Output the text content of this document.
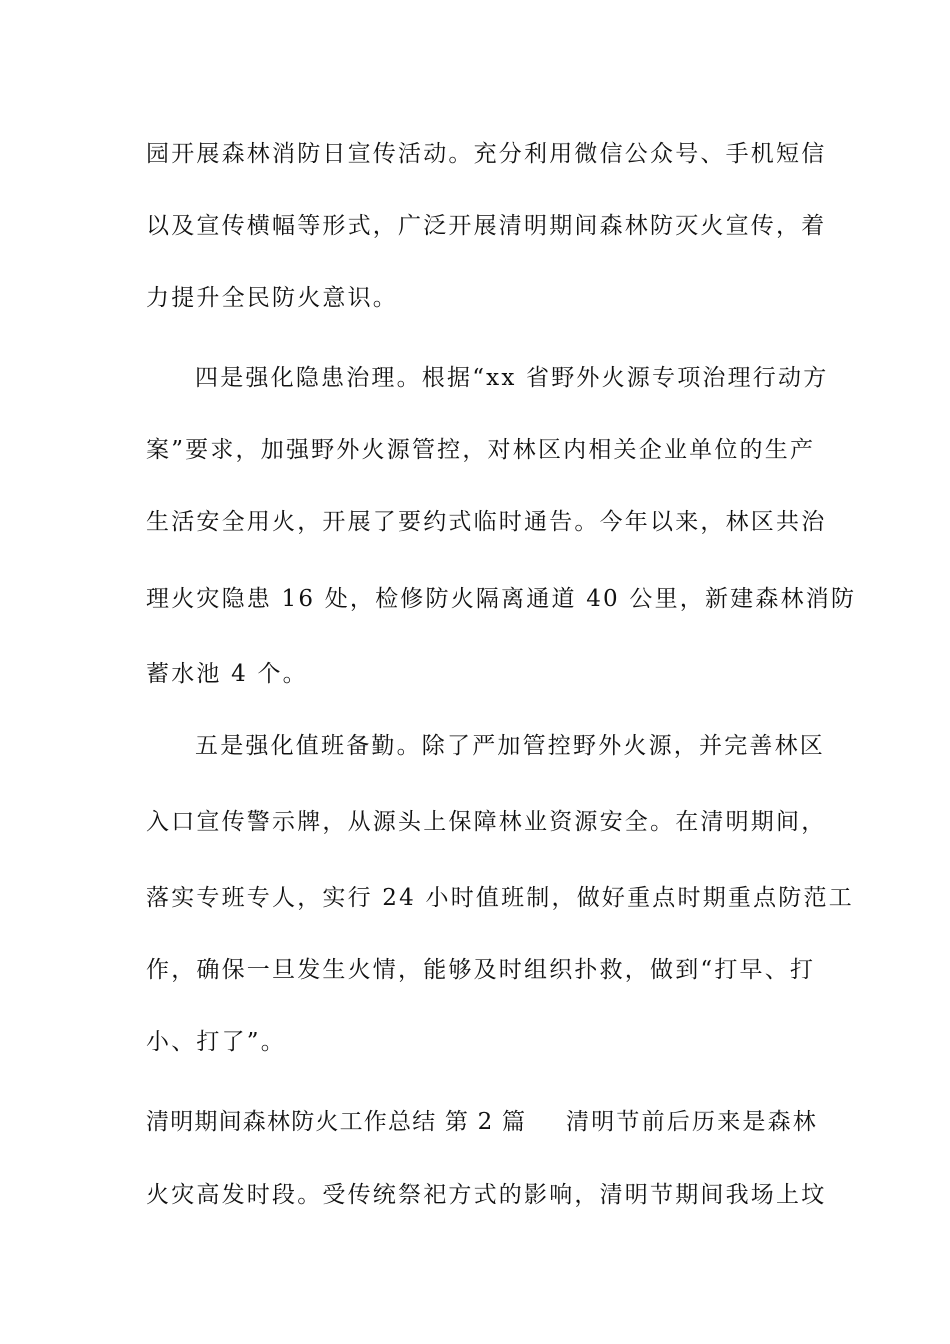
园开展森林消防日宣传活动。充分利用微信公众号、手机短信
以及宣传横幅等形式，广泛开展清明期间森林防灭火宣传，着
力提升全民防火意识。
四是强化隐患治理。根据“xx 省野外火源专项治理行动方
案”要求，加强野外火源管控，对林区内相关企业单位的生产
生活安全用火，开展了要约式临时通告。今年以来，林区共治
理火灾隐患 16 处，检修防火隔离通道 40 公里，新建森林消防
蓄水池 4 个。
五是强化值班备勤。除了严加管控野外火源，并完善林区
入口宣传警示牌，从源头上保障林业资源安全。在清明期间，
落实专班专人，实行 24 小时值班制，做好重点时期重点防范工
作，确保一旦发生火情，能够及时组织扑救，做到“打早、打
小、打了”。
清明期间森林防火工作总结 第 2 篇 清明节前后历来是森林
火灾高发时段。受传统祭祀方式的影响，清明节期间我场上坟
